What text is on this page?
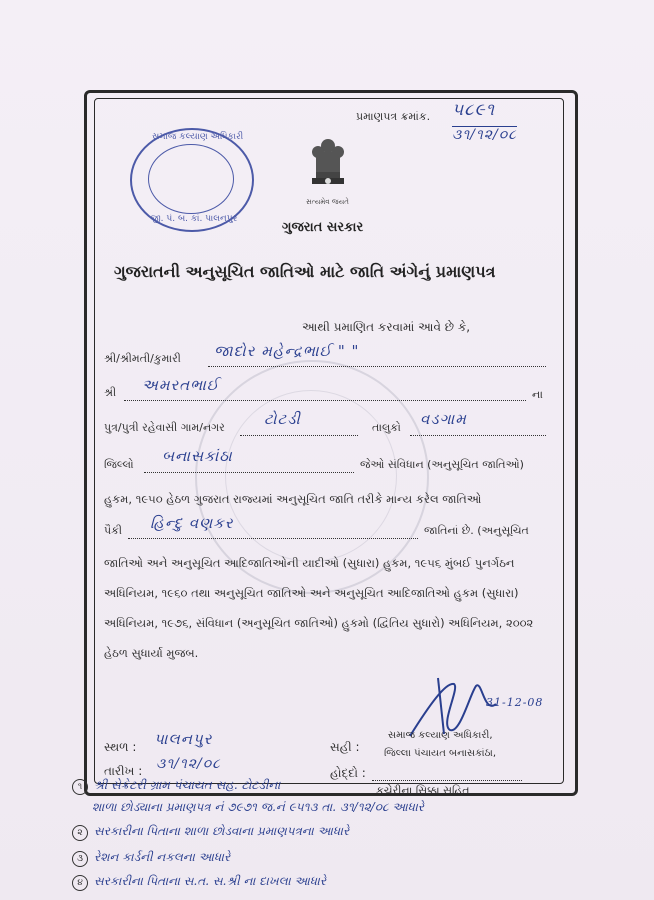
પ્રમાણપત્ર ક્રમાંક. ૫૮૯૧
૩૧/૧૨/૦૮
સમાજ કલ્યાણ અધિકારી
જી. પં. બ. કાં. પાલનપુર
સત્યમેવ જયતે
ગુજરાત સરકાર
ગુજરાતની અનુસૂચિત જાતિઓ માટે જાતિ અંગેનું પ્રમાણપત્ર
આથી પ્રમાણિત કરવામાં આવે છે કે,
શ્રી/શ્રીમતી/કુમારી જાદોર મહેન્દ્રભાઈ " "
શ્રી અમરતભાઈ
ના
પુત્ર/પુત્રી રહેવાસી ગામ/નગર	ટોટડી	તાલુકો વડગામ
જિલ્લો બનાસકાંઠા	જેઓ સંવિધાન (અનુસૂચિત જાતિઓ)
હુકમ, ૧૯૫૦ હેઠળ ગુજરાત રાજ્યમાં અનુસૂચિત જાતિ તરીકે માન્ય કરેલ જાતિઓ
પૈકી હિન્દુ વણકર	જાતિનાં છે. (અનુસૂચિત
જાતિઓ અને અનુસૂચિત આદિજાતિઓની યાદીઓ (સુધારા) હુકમ, ૧૯૫૬ મુંબઈ પુનર્ગઠન અધિનિયમ, ૧૯૬૦ તથા અનુસૂચિત જાતિઓ અને અનુસૂચિત આદિજાતિઓ હુકમ (સુધારા) અધિનિયમ, ૧૯૭૬, સંવિધાન (અનુસૂચિત જાતિઓ) હુકમો (દ્વિતિય સુધારો) અધિનિયમ, ૨૦૦૨ હેઠળ સુધાર્યા મુજબ.
31-12-08
સ્થળ : પાલનપુર
તારીખ : ૩૧/૧૨/૦૮
સહી :
સમાજ કલ્યાણ અધિકારી,
જિલ્લા પંચાયત બનાસકાંઠા,
હોદ્દો :
કચેરીના સિક્કા સહિત
૧ શ્રી સેક્રેટરી ગ્રામ પંચાયત સહ. ટોટડીના
શાળા છોડ્યાના પ્રમાણપત્ર નં ૭૯૭૧ જ.નં ૯૫૧૩ તા. ૩૧/૧૨/૦૮ આધારે
૨ સરકારીના પિતાના શાળા છોડવાના પ્રમાણપત્રના આધારે
૩ રેશન કાર્ડની નકલના આધારે
૪ સરકારીના પિતાના સ.ત. સ.શ્રી ના દાખલા આધારે
